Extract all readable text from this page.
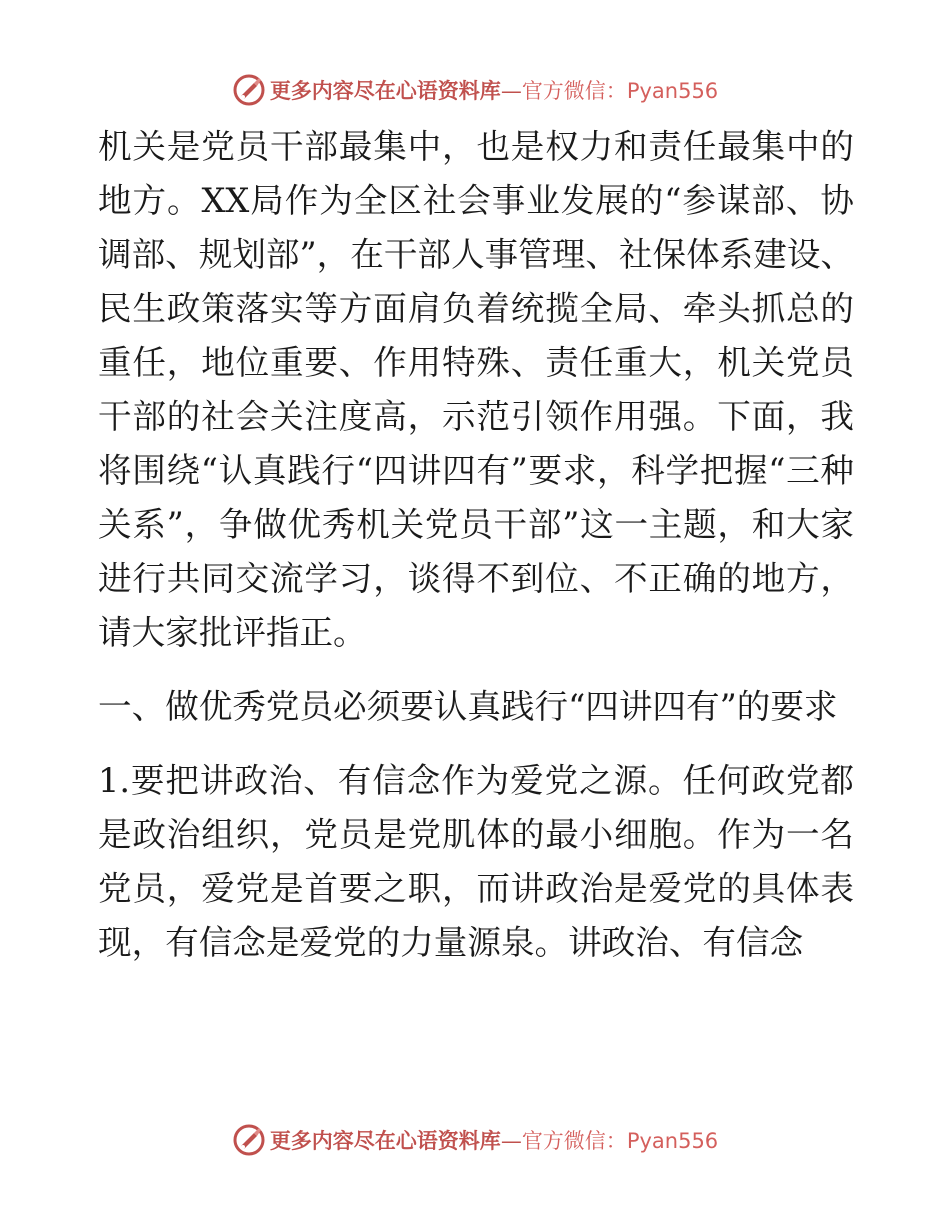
更多内容尽在心语资料库—官方微信：Pyan556

机关是党员干部最集中，也是权力和责任最集中的地方。XX局作为全区社会事业发展的“参谋部、协调部、规划部”，在干部人事管理、社保体系建设、民生政策落实等方面肩负着统揽全局、牵头抓总的重任，地位重要、作用特殊、责任重大，机关党员干部的社会关注度高，示范引领作用强。下面，我将围绕“认真践行“四讲四有”要求，科学把握“三种关系”，争做优秀机关党员干部”这一主题，和大家进行共同交流学习，谈得不到位、不正确的地方，请大家批评指正。

一、做优秀党员必须要认真践行“四讲四有”的要求

1.要把讲政治、有信念作为爱党之源。任何政党都是政治组织，党员是党肌体的最小细胞。作为一名党员，爱党是首要之职，而讲政治是爱党的具体表现，有信念是爱党的力量源泉。讲政治、有信念

更多内容尽在心语资料库—官方微信：Pyan556
